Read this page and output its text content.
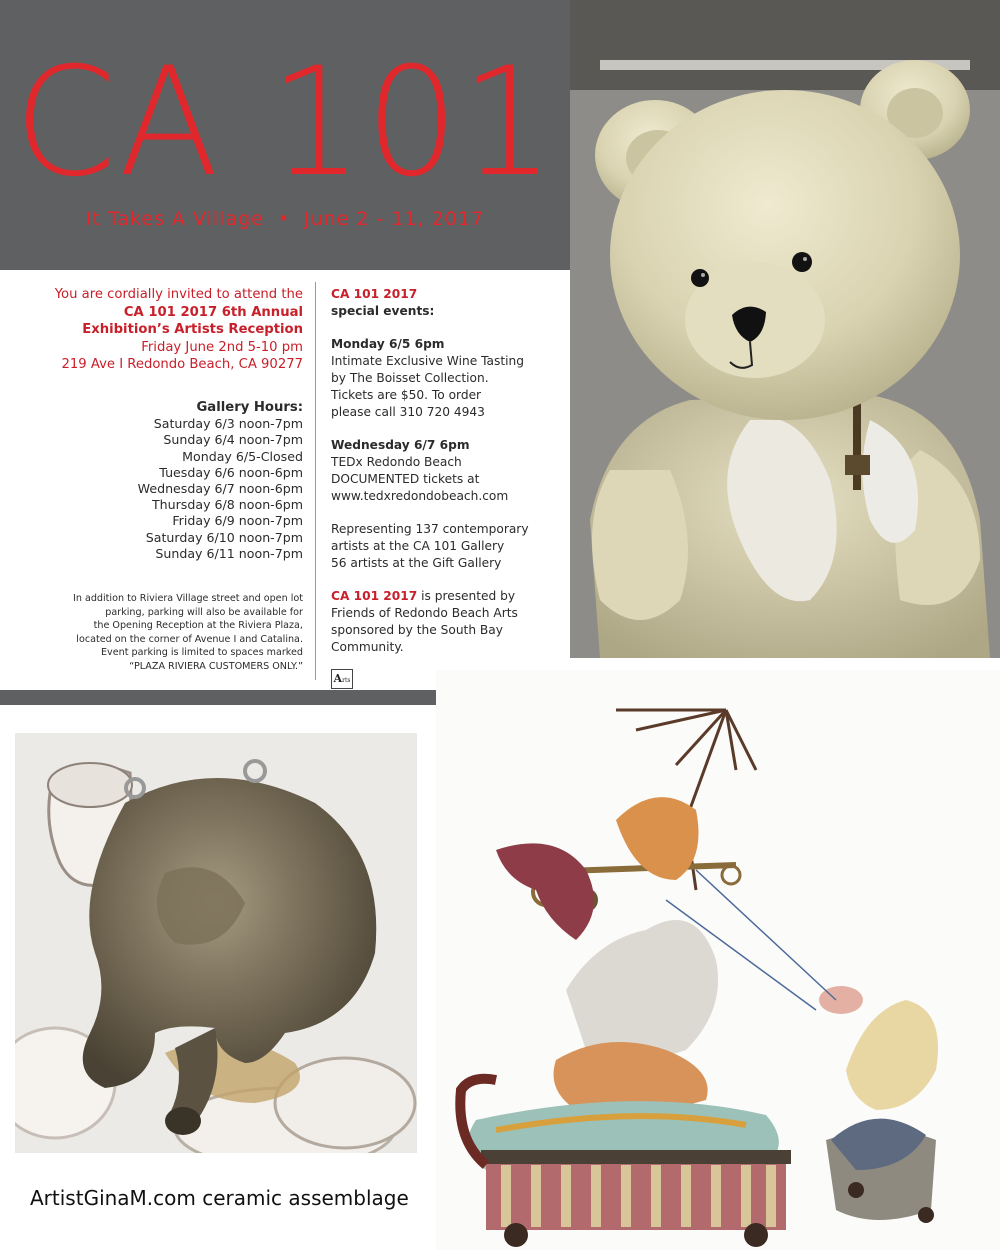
CA 101
It Takes A Village • June 2 - 11, 2017
You are cordially invited to attend the
CA 101 2017 6th Annual
Exhibition’s Artists Reception
Friday June 2nd 5-10 pm
219 Ave I Redondo Beach, CA 90277
Gallery Hours:
Saturday 6/3 noon-7pm
Sunday 6/4 noon-7pm
Monday 6/5-Closed
Tuesday 6/6 noon-6pm
Wednesday 6/7 noon-6pm
Thursday 6/8 noon-6pm
Friday 6/9 noon-7pm
Saturday 6/10 noon-7pm
Sunday 6/11 noon-7pm
In addition to Riviera Village street and open lot
parking, parking will also be available for
the Opening Reception at the Riviera Plaza,
located on the corner of Avenue I and Catalina.
Event parking is limited to spaces marked
“PLAZA RIVIERA CUSTOMERS ONLY.”

CA 101 2017
special events:

Monday 6/5 6pm
Intimate Exclusive Wine Tasting
by The Boisset Collection.
Tickets are $50. To order
please call 310 720 4943

Wednesday 6/7 6pm
TEDx Redondo Beach
DOCUMENTED tickets at
www.tedxredondobeach.com

Representing 137 contemporary
artists at the CA 101 Gallery
56 artists at the Gift Gallery

CA 101 2017 is presented by
Friends of Redondo Beach Arts
sponsored by the South Bay
Community.

Arts
ArtistGinaM.com ceramic assemblage
